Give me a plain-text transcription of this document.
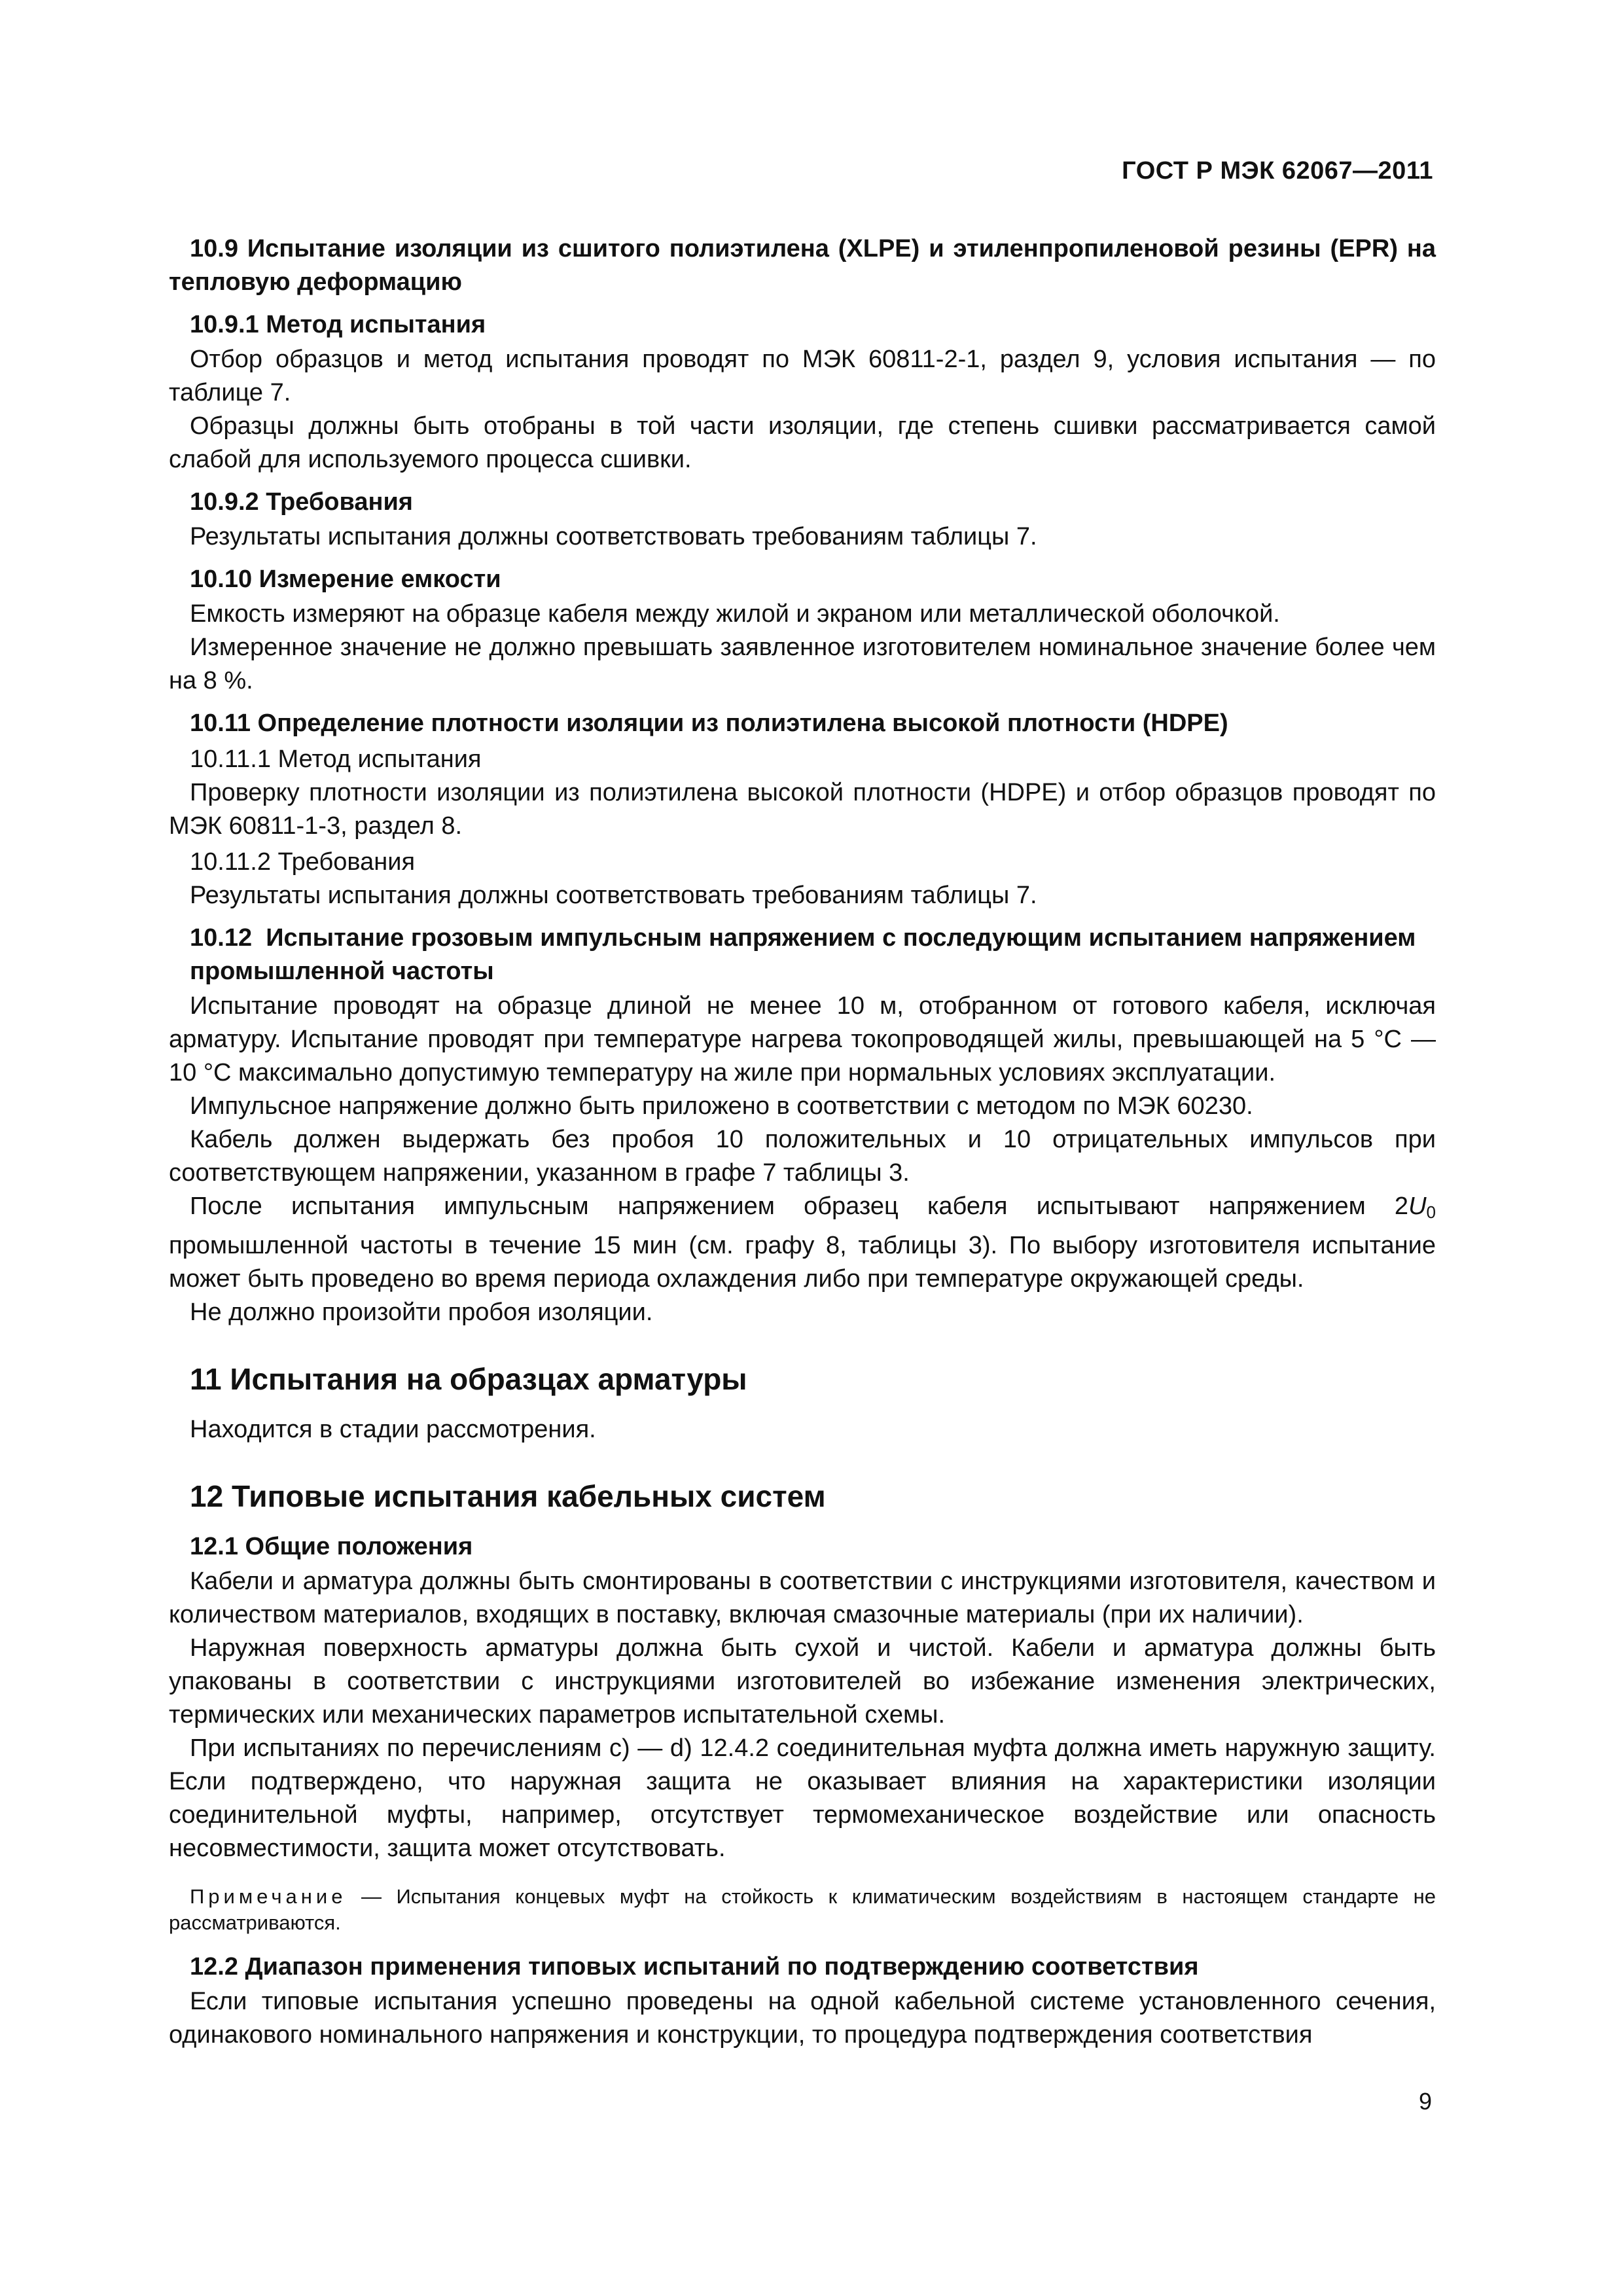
ГОСТ Р МЭК 62067—2011

10.9 Испытание изоляции из сшитого полиэтилена (XLPE) и этиленпропиленовой резины (EPR) на тепловую деформацию

10.9.1 Метод испытания

Отбор образцов и метод испытания проводят по МЭК 60811-2-1, раздел 9, условия испытания — по таблице 7.

Образцы должны быть отобраны в той части изоляции, где степень сшивки рассматривается самой слабой для используемого процесса сшивки.

10.9.2 Требования

Результаты испытания должны соответствовать требованиям таблицы 7.

10.10 Измерение емкости

Емкость измеряют на образце кабеля между жилой и экраном или металлической оболочкой.

Измеренное значение не должно превышать заявленное изготовителем номинальное значение более чем на 8 %.

10.11 Определение плотности изоляции из полиэтилена высокой плотности (HDPE)

10.11.1 Метод испытания

Проверку плотности изоляции из полиэтилена высокой плотности (HDPE) и отбор образцов проводят по МЭК 60811-1-3, раздел 8.

10.11.2 Требования

Результаты испытания должны соответствовать требованиям таблицы 7.

10.12 Испытание грозовым импульсным напряжением с последующим испытанием напряжением промышленной частоты

Испытание проводят на образце длиной не менее 10 м, отобранном от готового кабеля, исключая арматуру. Испытание проводят при температуре нагрева токопроводящей жилы, превышающей на 5 °С — 10 °С максимально допустимую температуру на жиле при нормальных условиях эксплуатации.

Импульсное напряжение должно быть приложено в соответствии с методом по МЭК 60230.

Кабель должен выдержать без пробоя 10 положительных и 10 отрицательных импульсов при соответствующем напряжении, указанном в графе 7 таблицы 3.

После испытания импульсным напряжением образец кабеля испытывают напряжением $2U_0$ промышленной частоты в течение 15 мин (см. графу 8, таблицы 3). По выбору изготовителя испытание может быть проведено во время периода охлаждения либо при температуре окружающей среды.

Не должно произойти пробоя изоляции.

11 Испытания на образцах арматуры

Находится в стадии рассмотрения.

12 Типовые испытания кабельных систем

12.1 Общие положения

Кабели и арматура должны быть смонтированы в соответствии с инструкциями изготовителя, качеством и количеством материалов, входящих в поставку, включая смазочные материалы (при их наличии).

Наружная поверхность арматуры должна быть сухой и чистой. Кабели и арматура должны быть упакованы в соответствии с инструкциями изготовителей во избежание изменения электрических, термических или механических параметров испытательной схемы.

При испытаниях по перечислениям c) — d) 12.4.2 соединительная муфта должна иметь наружную защиту. Если подтверждено, что наружная защита не оказывает влияния на характеристики изоляции соединительной муфты, например, отсутствует термомеханическое воздействие или опасность несовместимости, защита может отсутствовать.

Примечание — Испытания концевых муфт на стойкость к климатическим воздействиям в настоящем стандарте не рассматриваются.

12.2 Диапазон применения типовых испытаний по подтверждению соответствия

Если типовые испытания успешно проведены на одной кабельной системе установленного сечения, одинакового номинального напряжения и конструкции, то процедура подтверждения соответствия

9
